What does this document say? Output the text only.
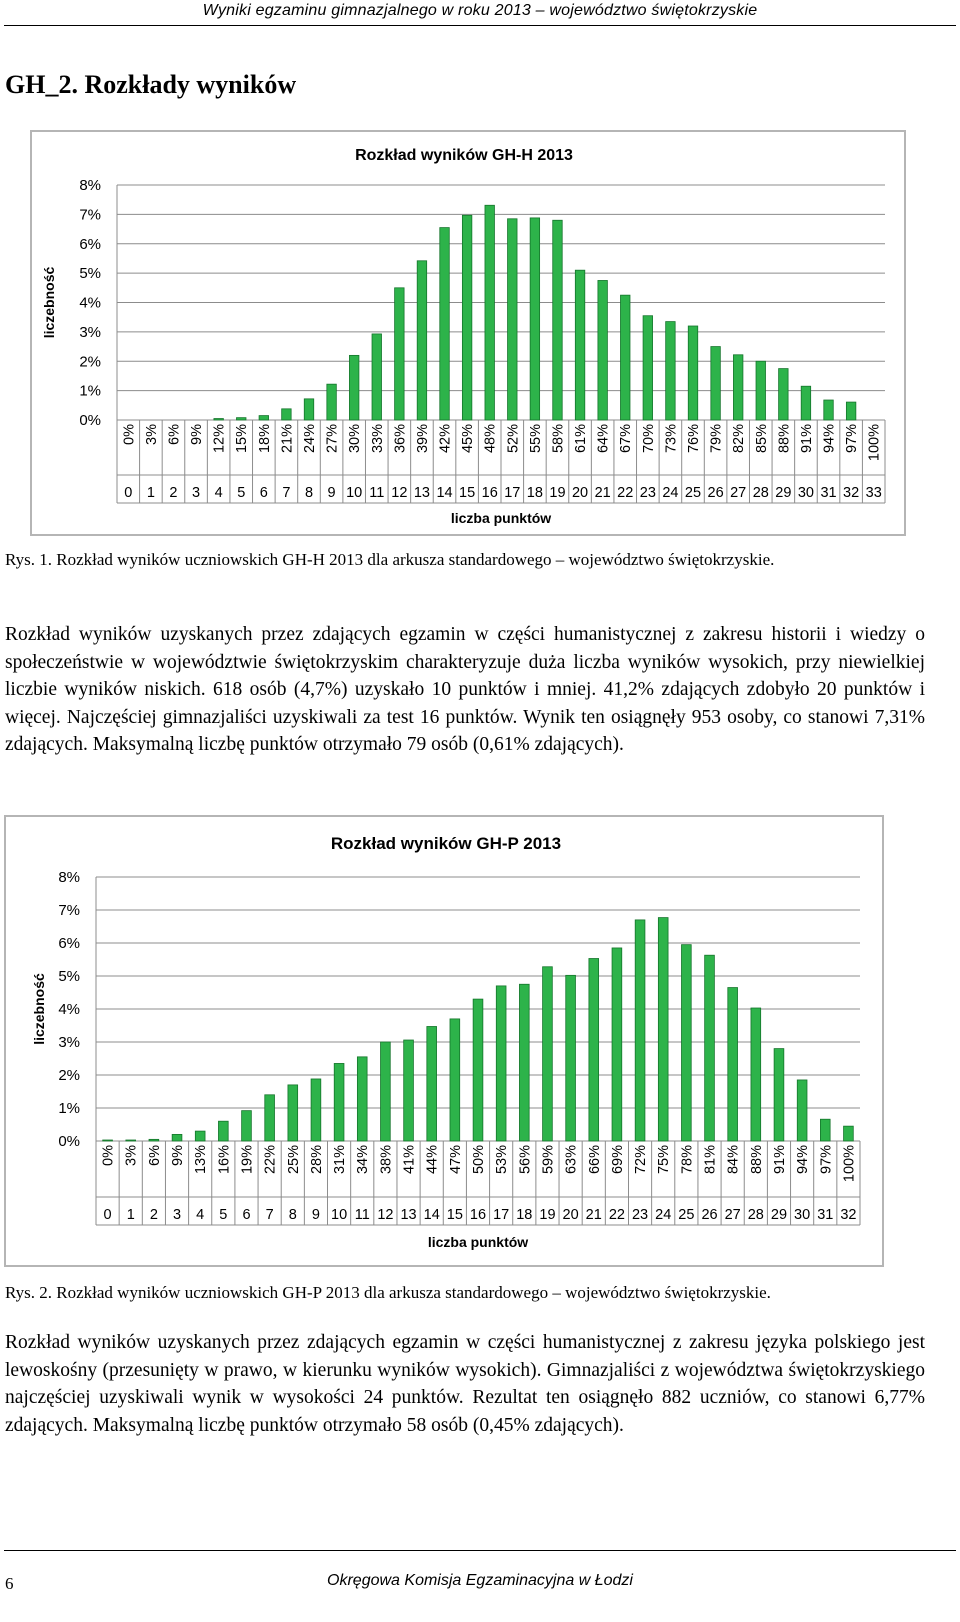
Wyniki egzaminu gimnazjalnego w roku 2013 – województwo świętokrzyskie
GH_2. Rozkłady wyników
Rozkład wyników GH-H 2013
0%
1%
2%
3%
4%
5%
6%
7%
8%
liczebność
0%
0
3%
1
6%
2
9%
3
12%
4
15%
5
18%
6
21%
7
24%
8
27%
9
30%
10
33%
11
36%
12
39%
13
42%
14
45%
15
48%
16
52%
17
55%
18
58%
19
61%
20
64%
21
67%
22
70%
23
73%
24
76%
25
79%
26
82%
27
85%
28
88%
29
91%
30
94%
31
97%
32
100%
33
liczba punktów

Rys. 1. Rozkład wyników uczniowskich GH-H 2013 dla arkusza standardowego – województwo świętokrzyskie.

Rozkład wyników uzyskanych przez zdających egzamin w części humanistycznej z zakresu historii i wiedzy o społeczeństwie w województwie świętokrzyskim charakteryzuje duża liczba wyników wysokich, przy niewielkiej liczbie wyników niskich. 618 osób (4,7%) uzyskało 10 punktów i mniej. 41,2% zdających zdobyło 20 punktów i więcej. Najczęściej gimnazjaliści uzyskiwali za test 16 punktów. Wynik ten osiągnęły 953 osoby, co stanowi 7,31% zdających. Maksymalną liczbę punktów otrzymało 79 osób (0,61% zdających).

Rozkład wyników GH-P 2013
0%
1%
2%
3%
4%
5%
6%
7%
8%
liczebność
0%
0
3%
1
6%
2
9%
3
13%
4
16%
5
19%
6
22%
7
25%
8
28%
9
31%
10
34%
11
38%
12
41%
13
44%
14
47%
15
50%
16
53%
17
56%
18
59%
19
63%
20
66%
21
69%
22
72%
23
75%
24
78%
25
81%
26
84%
27
88%
28
91%
29
94%
30
97%
31
100%
32
liczba punktów

Rys. 2. Rozkład wyników uczniowskich GH-P 2013 dla arkusza standardowego – województwo świętokrzyskie.

Rozkład wyników uzyskanych przez zdających egzamin w części humanistycznej z zakresu języka polskiego jest lewoskośny (przesunięty w prawo, w kierunku wyników wysokich). Gimnazjaliści z województwa świętokrzyskiego najczęściej uzyskiwali wynik w wysokości 24 punktów. Rezultat ten osiągnęło 882 uczniów, co stanowi 6,77% zdających. Maksymalną liczbę punktów otrzymało 58 osób (0,45% zdających).

6	Okręgowa Komisja Egzaminacyjna w Łodzi
